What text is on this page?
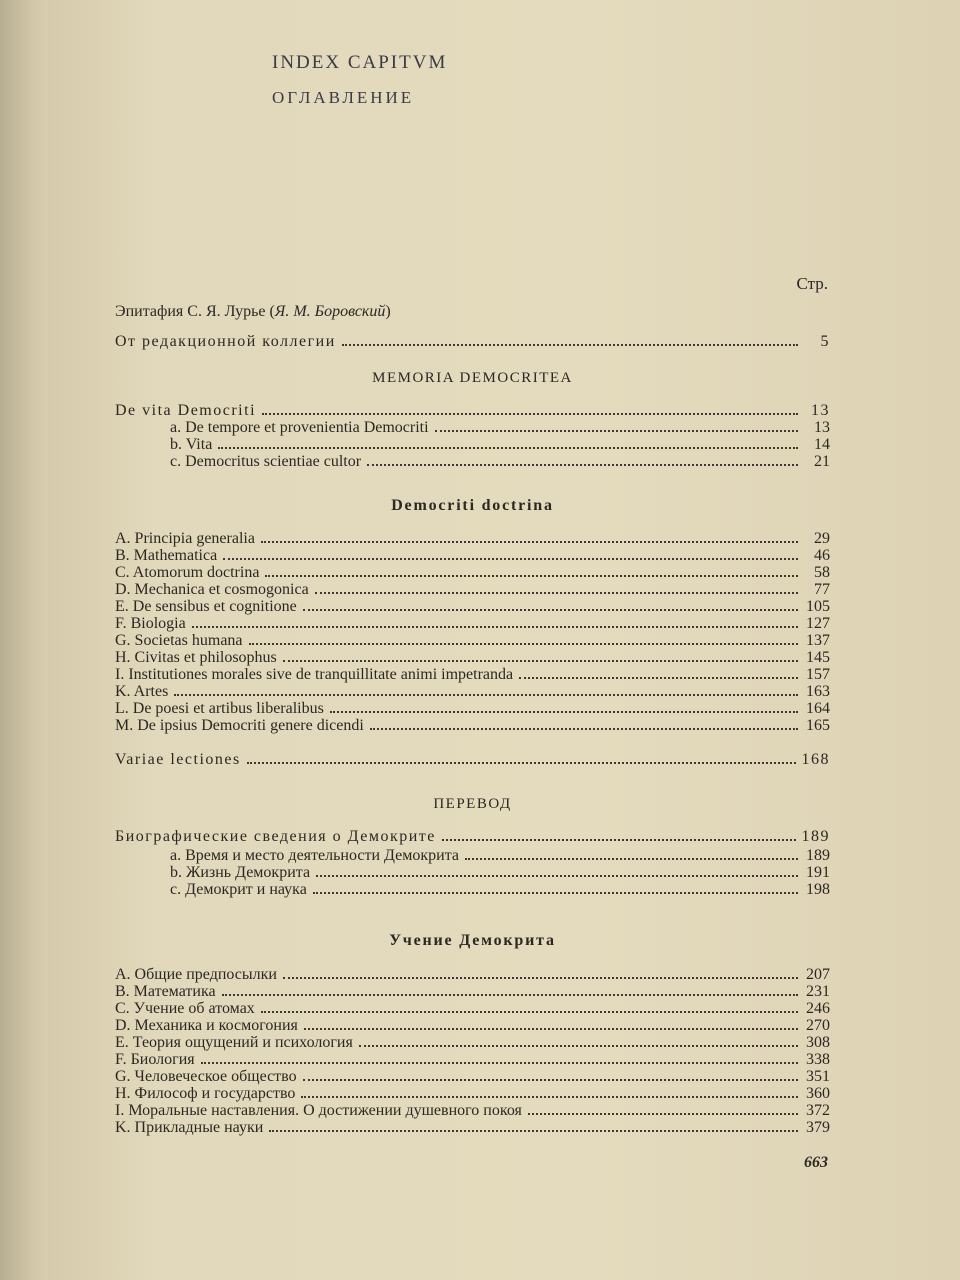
INDEX CAPITVM
ОГЛАВЛЕНИЕ
Стр.
Эпитафия С. Я. Лурье (Я. М. Боровский)
От редакционной коллегии	5
MEMORIA DEMOCRITEA
De vita Democriti	13
a. De tempore et provenientia Democriti	13
b. Vita	14
c. Democritus scientiae cultor	21
Democriti doctrina
A. Principia generalia	29
B. Mathematica	46
C. Atomorum doctrina	58
D. Mechanica et cosmogonica	77
E. De sensibus et cognitione	105
F. Biologia	127
G. Societas humana	137
H. Civitas et philosophus	145
I. Institutiones morales sive de tranquillitate animi impetranda	157
K. Artes	163
L. De poesi et artibus liberalibus	164
M. De ipsius Democriti genere dicendi	165
Variae lectiones	168
ПЕРЕВОД
Биографические сведения о Демокрите	189
а. Время и место деятельности Демокрита	189
b. Жизнь Демокрита	191
с. Демокрит и наука	198
Учение Демокрита
A. Общие предпосылки	207
B. Математика	231
C. Учение об атомах	246
D. Механика и космогония	270
E. Теория ощущений и психология	308
F. Биология	338
G. Человеческое общество	351
H. Философ и государство	360
I. Моральные наставления. О достижении душевного покоя	372
K. Прикладные науки	379
663
